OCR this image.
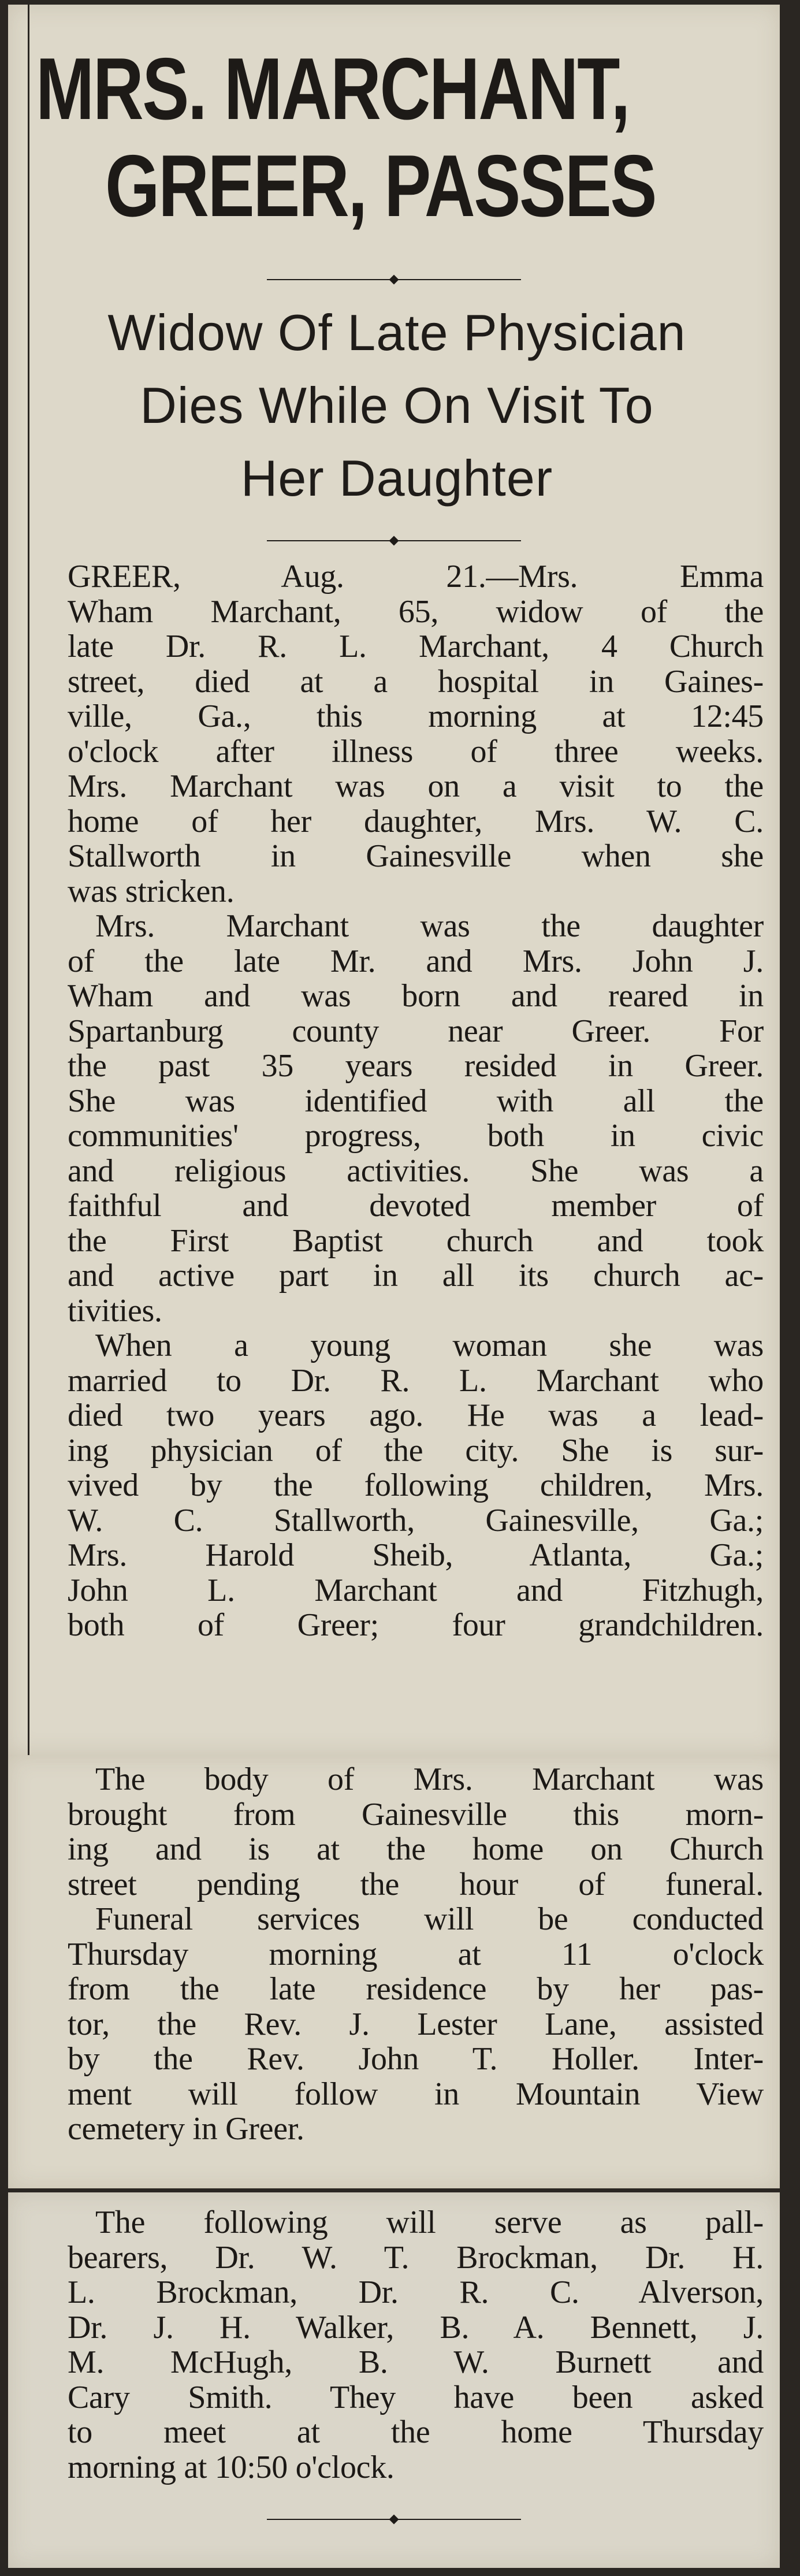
MRS. MARCHANT,
GREER, PASSES
Widow Of Late Physician
Dies While On Visit To
Her Daughter

GREER, Aug. 21.—Mrs. Emma
Wham Marchant, 65, widow of the
late Dr. R. L. Marchant, 4 Church
street, died at a hospital in Gaines-
ville, Ga., this morning at 12:45
o'clock after illness of three weeks.
Mrs. Marchant was on a visit to the
home of her daughter, Mrs. W. C.
Stallworth in Gainesville when she
was stricken.

Mrs. Marchant was the daughter
of the late Mr. and Mrs. John J.
Wham and was born and reared in
Spartanburg county near Greer. For
the past 35 years resided in Greer.
She was identified with all the
communities' progress, both in civic
and religious activities. She was a
faithful and devoted member of
the First Baptist church and took
and active part in all its church ac-
tivities.

When a young woman she was
married to Dr. R. L. Marchant who
died two years ago. He was a lead-
ing physician of the city. She is sur-
vived by the following children, Mrs.
W. C. Stallworth, Gainesville, Ga.;
Mrs. Harold Sheib, Atlanta, Ga.;
John L. Marchant and Fitzhugh,
both of Greer; four grandchildren.

The body of Mrs. Marchant was
brought from Gainesville this morn-
ing and is at the home on Church
street pending the hour of funeral.

Funeral services will be conducted
Thursday morning at 11 o'clock
from the late residence by her pas-
tor, the Rev. J. Lester Lane, assisted
by the Rev. John T. Holler. Inter-
ment will follow in Mountain View
cemetery in Greer.

The following will serve as pall-
bearers, Dr. W. T. Brockman, Dr. H.
L. Brockman, Dr. R. C. Alverson,
Dr. J. H. Walker, B. A. Bennett, J.
M. McHugh, B. W. Burnett and
Cary Smith. They have been asked
to meet at the home Thursday
morning at 10:50 o'clock.
